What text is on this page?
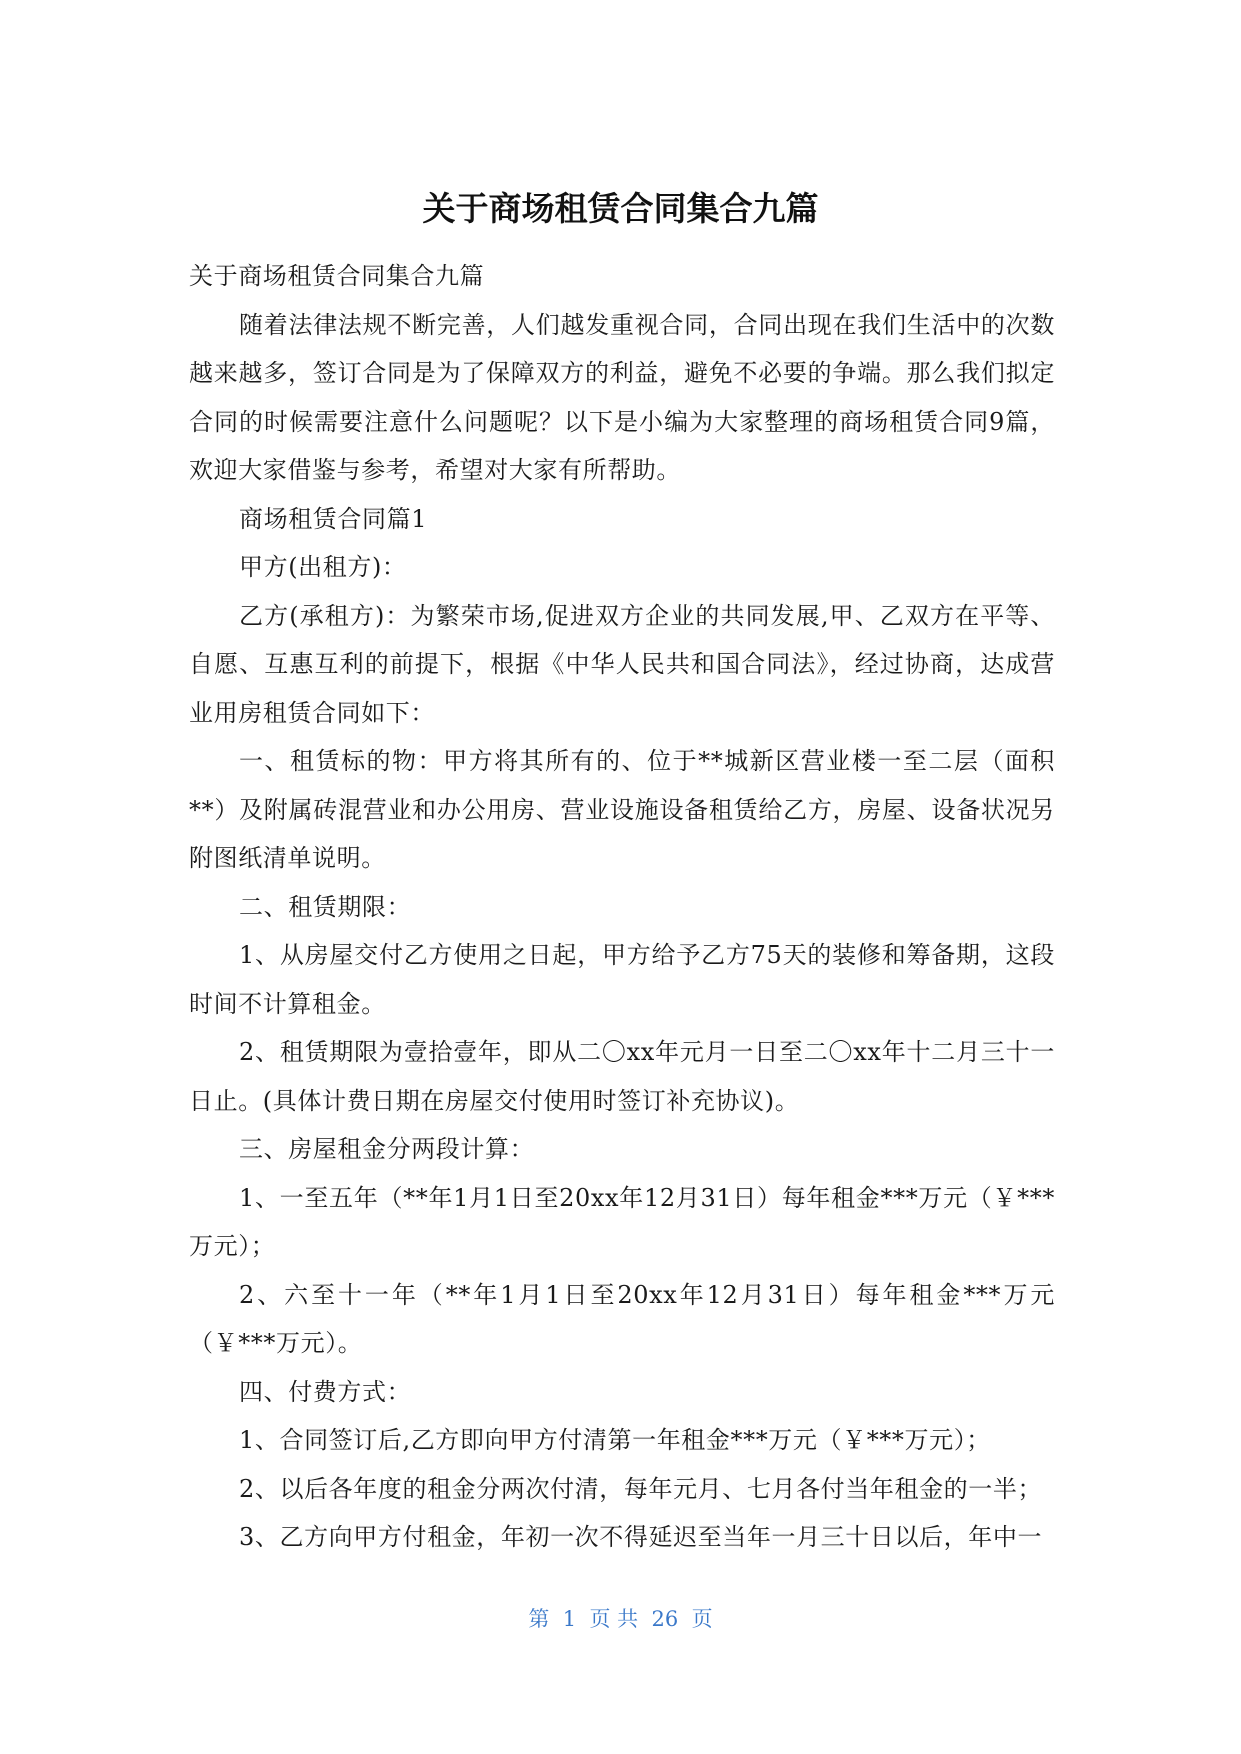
关于商场租赁合同集合九篇

关于商场租赁合同集合九篇

随着法律法规不断完善，人们越发重视合同，合同出现在我们生活中的次数越来越多，签订合同是为了保障双方的利益，避免不必要的争端。那么我们拟定合同的时候需要注意什么问题呢？以下是小编为大家整理的商场租赁合同9篇，欢迎大家借鉴与参考，希望对大家有所帮助。

商场租赁合同篇1

甲方(出租方)：

乙方(承租方)：为繁荣市场,促进双方企业的共同发展,甲、乙双方在平等、自愿、互惠互利的前提下，根据《中华人民共和国合同法》，经过协商，达成营业用房租赁合同如下：

一、租赁标的物：甲方将其所有的、位于**城新区营业楼一至二层（面积**）及附属砖混营业和办公用房、营业设施设备租赁给乙方，房屋、设备状况另附图纸清单说明。

二、租赁期限：

1、从房屋交付乙方使用之日起，甲方给予乙方75天的装修和筹备期，这段时间不计算租金。

2、租赁期限为壹拾壹年，即从二〇xx年元月一日至二〇xx年十二月三十一日止。(具体计费日期在房屋交付使用时签订补充协议)。

三、房屋租金分两段计算：

1、一至五年（**年1月1日至20xx年12月31日）每年租金***万元（￥***万元）；

2、六至十一年（**年1月1日至20xx年12月31日）每年租金***万元（￥***万元）。

四、付费方式：

1、合同签订后,乙方即向甲方付清第一年租金***万元（￥***万元）；

2、以后各年度的租金分两次付清，每年元月、七月各付当年租金的一半；

3、乙方向甲方付租金，年初一次不得延迟至当年一月三十日以后，年中一

第  1  页 共  26  页
